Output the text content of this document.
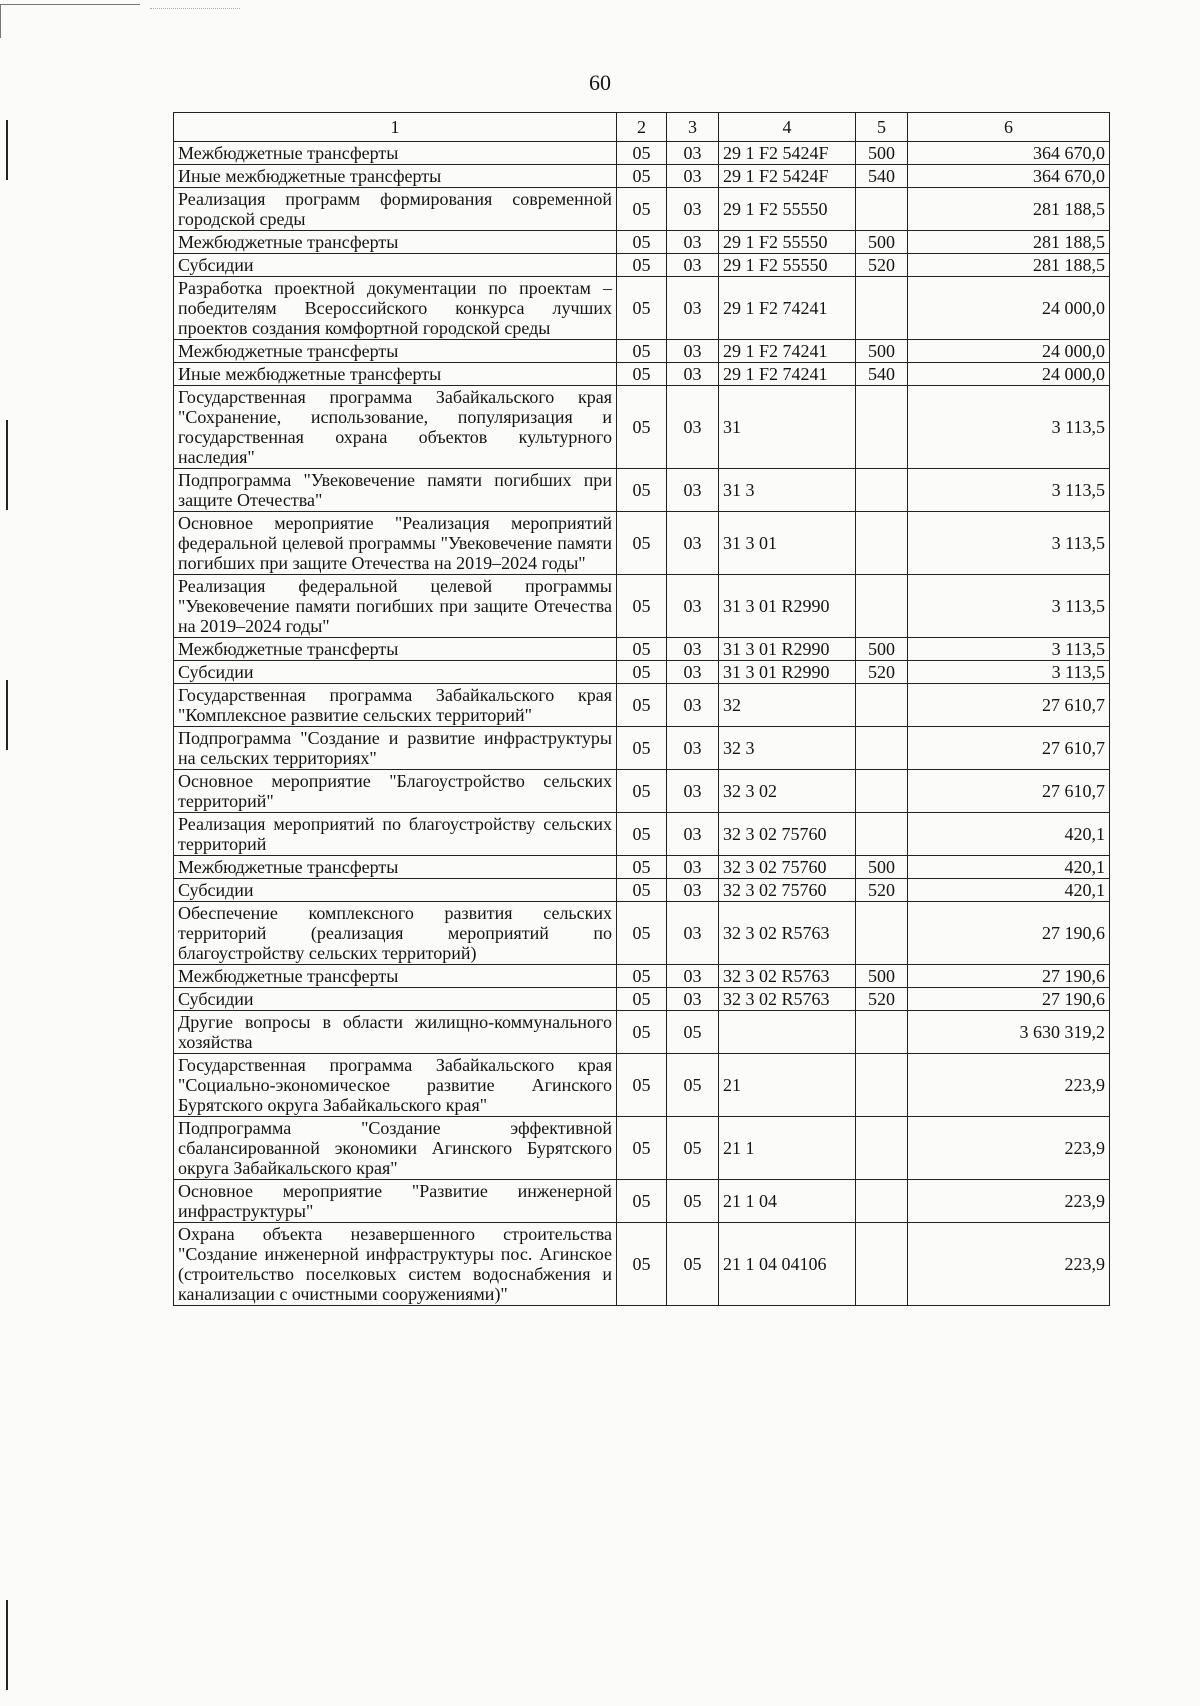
60
1	2	3	4	5	6
Межбюджетные трансферты	05	03	29 1 F2 5424F	500	364 670,0
Иные межбюджетные трансферты	05	03	29 1 F2 5424F	540	364 670,0
Реализация программ формирования современной городской среды	05	03	29 1 F2 55550		281 188,5
Межбюджетные трансферты	05	03	29 1 F2 55550	500	281 188,5
Субсидии	05	03	29 1 F2 55550	520	281 188,5
Разработка проектной документации по проектам – победителям Всероссийского конкурса лучших проектов создания комфортной городской среды	05	03	29 1 F2 74241		24 000,0
Межбюджетные трансферты	05	03	29 1 F2 74241	500	24 000,0
Иные межбюджетные трансферты	05	03	29 1 F2 74241	540	24 000,0
Государственная программа Забайкальского края "Сохранение, использование, популяризация и государственная охрана объектов культурного наследия"	05	03	31		3 113,5
Подпрограмма "Увековечение памяти погибших при защите Отечества"	05	03	31 3		3 113,5
Основное мероприятие "Реализация мероприятий федеральной целевой программы "Увековечение памяти погибших при защите Отечества на 2019–2024 годы"	05	03	31 3 01		3 113,5
Реализация федеральной целевой программы "Увековечение памяти погибших при защите Отечества на 2019–2024 годы"	05	03	31 3 01 R2990		3 113,5
Межбюджетные трансферты	05	03	31 3 01 R2990	500	3 113,5
Субсидии	05	03	31 3 01 R2990	520	3 113,5
Государственная программа Забайкальского края "Комплексное развитие сельских территорий"	05	03	32		27 610,7
Подпрограмма "Создание и развитие инфраструктуры на сельских территориях"	05	03	32 3		27 610,7
Основное мероприятие "Благоустройство сельских территорий"	05	03	32 3 02		27 610,7
Реализация мероприятий по благоустройству сельских территорий	05	03	32 3 02 75760		420,1
Межбюджетные трансферты	05	03	32 3 02 75760	500	420,1
Субсидии	05	03	32 3 02 75760	520	420,1
Обеспечение комплексного развития сельских территорий (реализация мероприятий по благоустройству сельских территорий)	05	03	32 3 02 R5763		27 190,6
Межбюджетные трансферты	05	03	32 3 02 R5763	500	27 190,6
Субсидии	05	03	32 3 02 R5763	520	27 190,6
Другие вопросы в области жилищно-коммунального хозяйства	05	05			3 630 319,2
Государственная программа Забайкальского края "Социально-экономическое развитие Агинского Бурятского округа Забайкальского края"	05	05	21		223,9
Подпрограмма "Создание эффективной сбалансированной экономики Агинского Бурятского округа Забайкальского края"	05	05	21 1		223,9
Основное мероприятие "Развитие инженерной инфраструктуры"	05	05	21 1 04		223,9
Охрана объекта незавершенного строительства "Создание инженерной инфраструктуры пос. Агинское (строительство поселковых систем водоснабжения и канализации с очистными сооружениями)"	05	05	21 1 04 04106		223,9
